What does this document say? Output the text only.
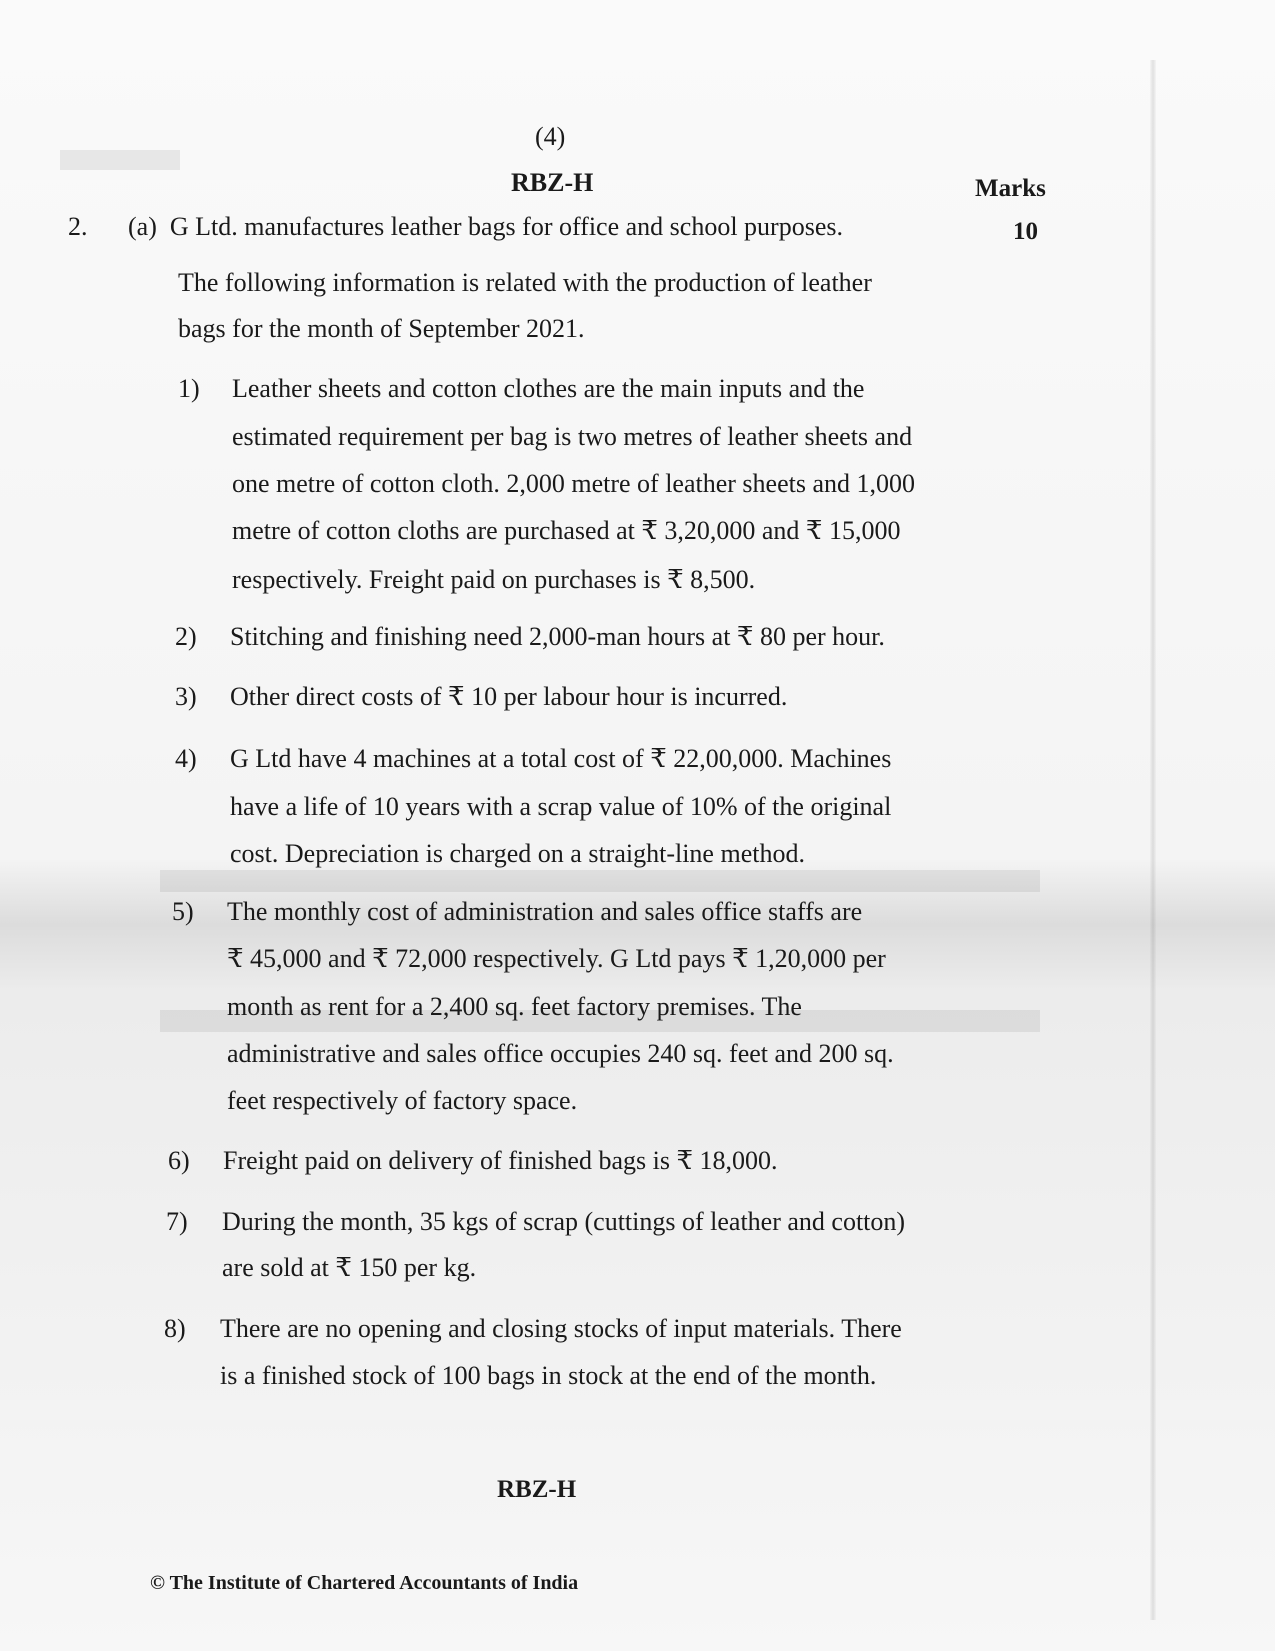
(4)
RBZ-H	Marks
2. (a) G Ltd. manufactures leather bags for office and school purposes.	10
The following information is related with the production of leather
bags for the month of September 2021.
1) Leather sheets and cotton clothes are the main inputs and the
estimated requirement per bag is two metres of leather sheets and
one metre of cotton cloth. 2,000 metre of leather sheets and 1,000
metre of cotton cloths are purchased at ₹ 3,20,000 and ₹ 15,000
respectively. Freight paid on purchases is ₹ 8,500.
2) Stitching and finishing need 2,000-man hours at ₹ 80 per hour.
3) Other direct costs of ₹ 10 per labour hour is incurred.
4) G Ltd have 4 machines at a total cost of ₹ 22,00,000. Machines
have a life of 10 years with a scrap value of 10% of the original
cost. Depreciation is charged on a straight-line method.
5) The monthly cost of administration and sales office staffs are
₹ 45,000 and ₹ 72,000 respectively. G Ltd pays ₹ 1,20,000 per
month as rent for a 2,400 sq. feet factory premises. The
administrative and sales office occupies 240 sq. feet and 200 sq.
feet respectively of factory space.
6) Freight paid on delivery of finished bags is ₹ 18,000.
7) During the month, 35 kgs of scrap (cuttings of leather and cotton)
are sold at ₹ 150 per kg.
8) There are no opening and closing stocks of input materials. There
is a finished stock of 100 bags in stock at the end of the month.
RBZ-H
© The Institute of Chartered Accountants of India
